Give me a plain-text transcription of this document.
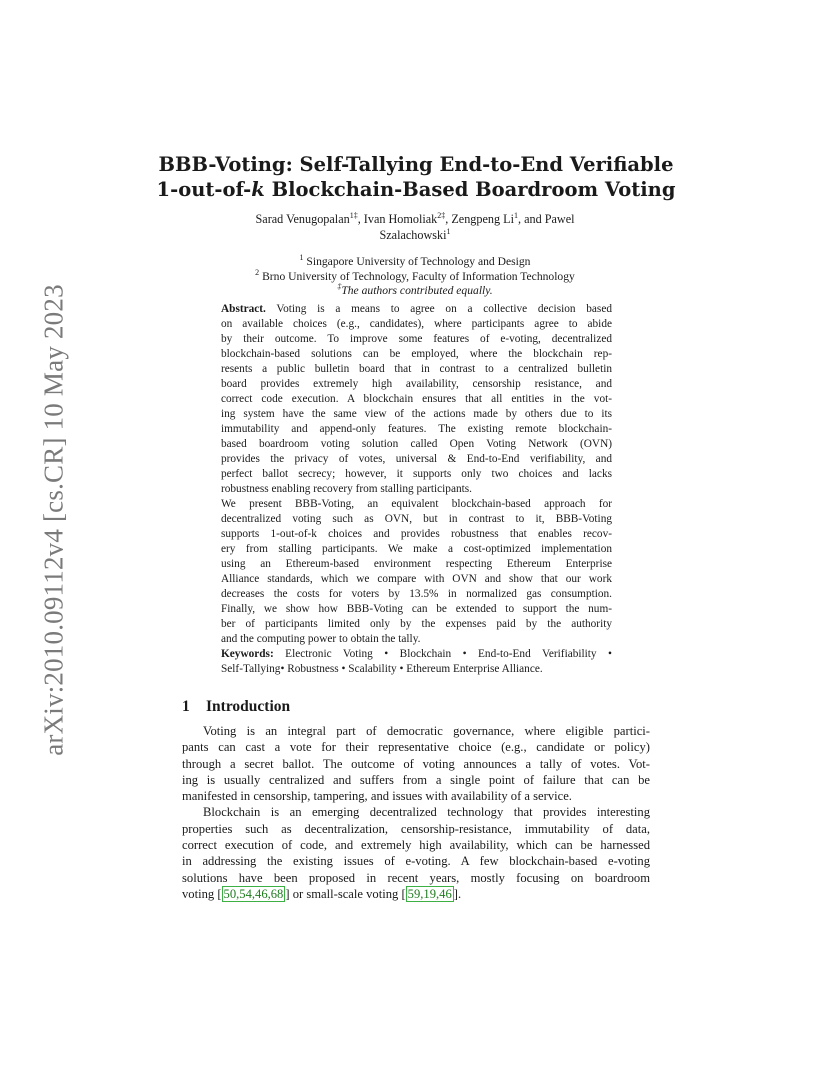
arXiv:2010.09112v4 [cs.CR] 10 May 2023
BBB-Voting: Self-Tallying End-to-End Verifiable
1-out-of-k Blockchain-Based Boardroom Voting
Sarad Venugopalan$^{1\ddagger}$, Ivan Homoliak$^{2\ddagger}$, Zengpeng Li$^1$, and Pawel
Szalachowski$^1$
$^1$ Singapore University of Technology and Design
$^2$ Brno University of Technology, Faculty of Information Technology
‡The authors contributed equally.
Abstract. Voting is a means to agree on a collective decision based
on available choices (e.g., candidates), where participants agree to abide
by their outcome. To improve some features of e-voting, decentralized
blockchain-based solutions can be employed, where the blockchain rep-
resents a public bulletin board that in contrast to a centralized bulletin
board provides extremely high availability, censorship resistance, and
correct code execution. A blockchain ensures that all entities in the vot-
ing system have the same view of the actions made by others due to its
immutability and append-only features. The existing remote blockchain-
based boardroom voting solution called Open Voting Network (OVN)
provides the privacy of votes, universal & End-to-End verifiability, and
perfect ballot secrecy; however, it supports only two choices and lacks
robustness enabling recovery from stalling participants.
We present BBB-Voting, an equivalent blockchain-based approach for
decentralized voting such as OVN, but in contrast to it, BBB-Voting
supports 1-out-of-k choices and provides robustness that enables recov-
ery from stalling participants. We make a cost-optimized implementation
using an Ethereum-based environment respecting Ethereum Enterprise
Alliance standards, which we compare with OVN and show that our work
decreases the costs for voters by 13.5% in normalized gas consumption.
Finally, we show how BBB-Voting can be extended to support the num-
ber of participants limited only by the expenses paid by the authority
and the computing power to obtain the tally.
Keywords: Electronic Voting • Blockchain • End-to-End Verifiability •
Self-Tallying• Robustness • Scalability • Ethereum Enterprise Alliance.
1 Introduction
Voting is an integral part of democratic governance, where eligible partici-
pants can cast a vote for their representative choice (e.g., candidate or policy)
through a secret ballot. The outcome of voting announces a tally of votes. Vot-
ing is usually centralized and suffers from a single point of failure that can be
manifested in censorship, tampering, and issues with availability of a service.
Blockchain is an emerging decentralized technology that provides interesting
properties such as decentralization, censorship-resistance, immutability of data,
correct execution of code, and extremely high availability, which can be harnessed
in addressing the existing issues of e-voting. A few blockchain-based e-voting
solutions have been proposed in recent years, mostly focusing on boardroom
voting [ 50,54,46,68 ] or small-scale voting [ 59,19,46 ].
